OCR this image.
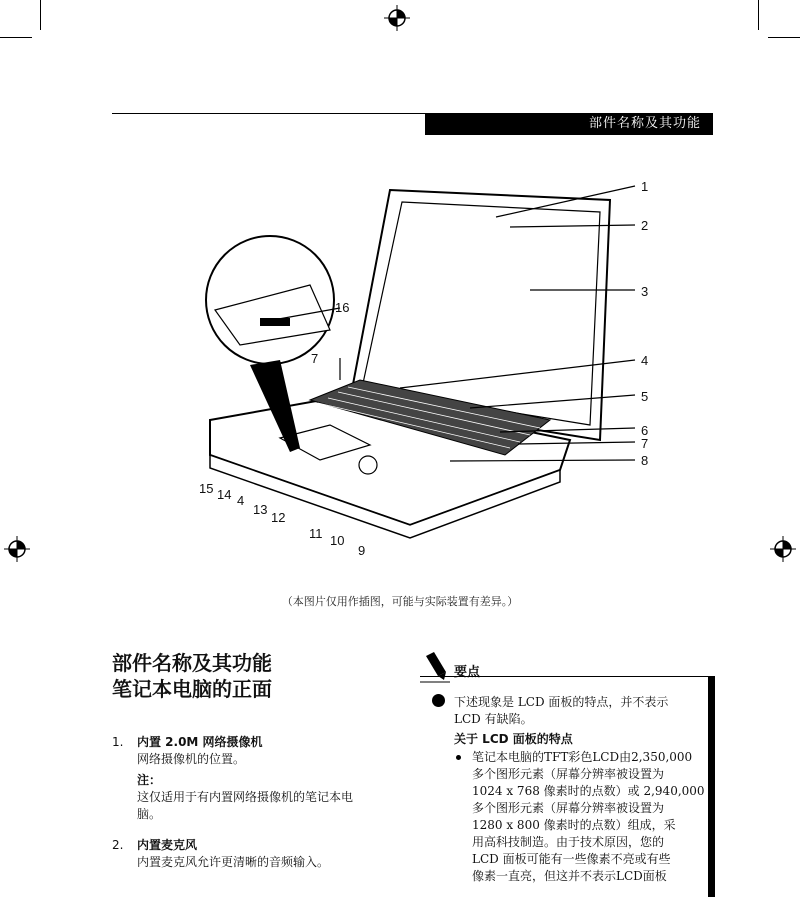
部件名称及其功能
1
2
3
4
5
6
7
8
16
7
15 14 4
13
12
11 10
9
（本图片仅用作插图，可能与实际装置有差异。）
部件名称及其功能
笔记本电脑的正面
1.	内置 2.0M 网络摄像机
网络摄像机的位置。
注：
这仅适用于有内置网络摄像机的笔记本电
脑。
2.	内置麦克风
内置麦克风允许更清晰的音频输入。
要点
下述现象是 LCD 面板的特点，并不表示
LCD 有缺陷。
关于 LCD 面板的特点
笔记本电脑的TFT彩色LCD由2,350,000
多个图形元素（屏幕分辨率被设置为
1024 x 768 像素时的点数）或 2,940,000
多个图形元素（屏幕分辨率被设置为
1280 x 800 像素时的点数）组成，采
用高科技制造。由于技术原因，您的
LCD 面板可能有一些像素不亮或有些
像素一直亮，但这并不表示LCD面板
